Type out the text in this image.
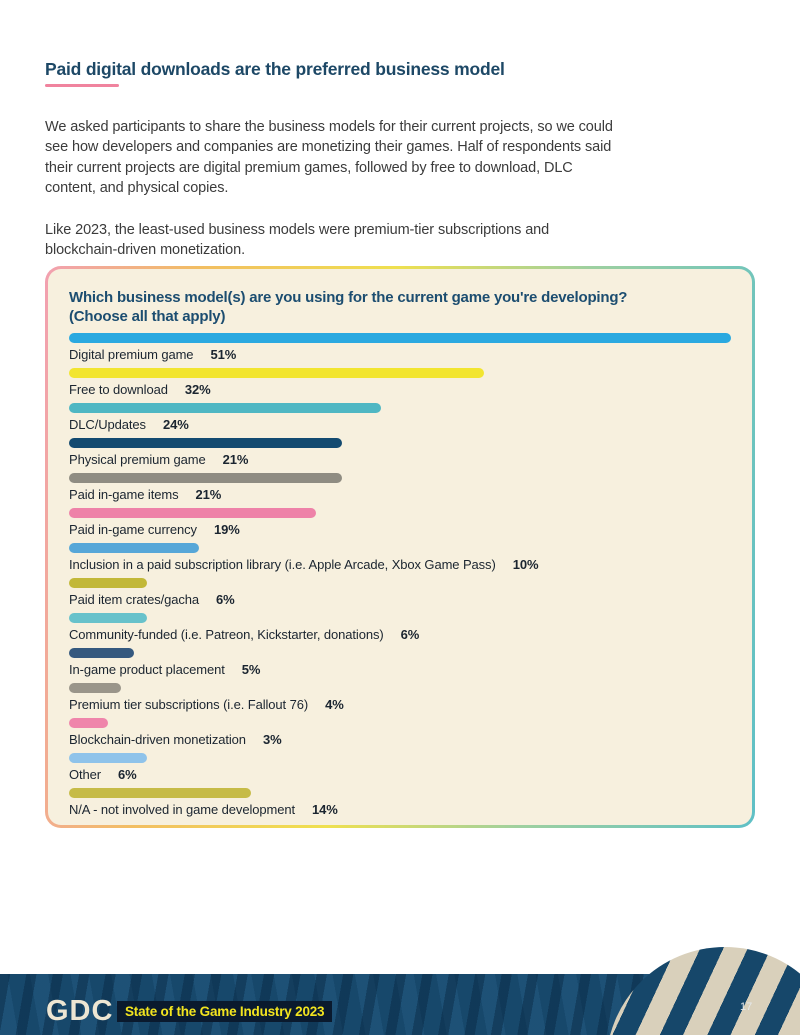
Paid digital downloads are the preferred business model

We asked participants to share the business models for their current projects, so we could see how developers and companies are monetizing their games. Half of respondents said their current projects are digital premium games, followed by free to download, DLC content, and physical copies.

Like 2023, the least-used business models were premium-tier subscriptions and blockchain-driven monetization.

Which business model(s) are you using for the current game you're developing?
(Choose all that apply)
Digital premium game 51%
Free to download 32%
DLC/Updates 24%
Physical premium game 21%
Paid in-game items 21%
Paid in-game currency 19%
Inclusion in a paid subscription library (i.e. Apple Arcade, Xbox Game Pass) 10%
Paid item crates/gacha 6%
Community-funded (i.e. Patreon, Kickstarter, donations) 6%
In-game product placement 5%
Premium tier subscriptions (i.e. Fallout 76) 4%
Blockchain-driven monetization 3%
Other 6%
N/A - not involved in game development 14%
GDC State of the Game Industry 2023	17
